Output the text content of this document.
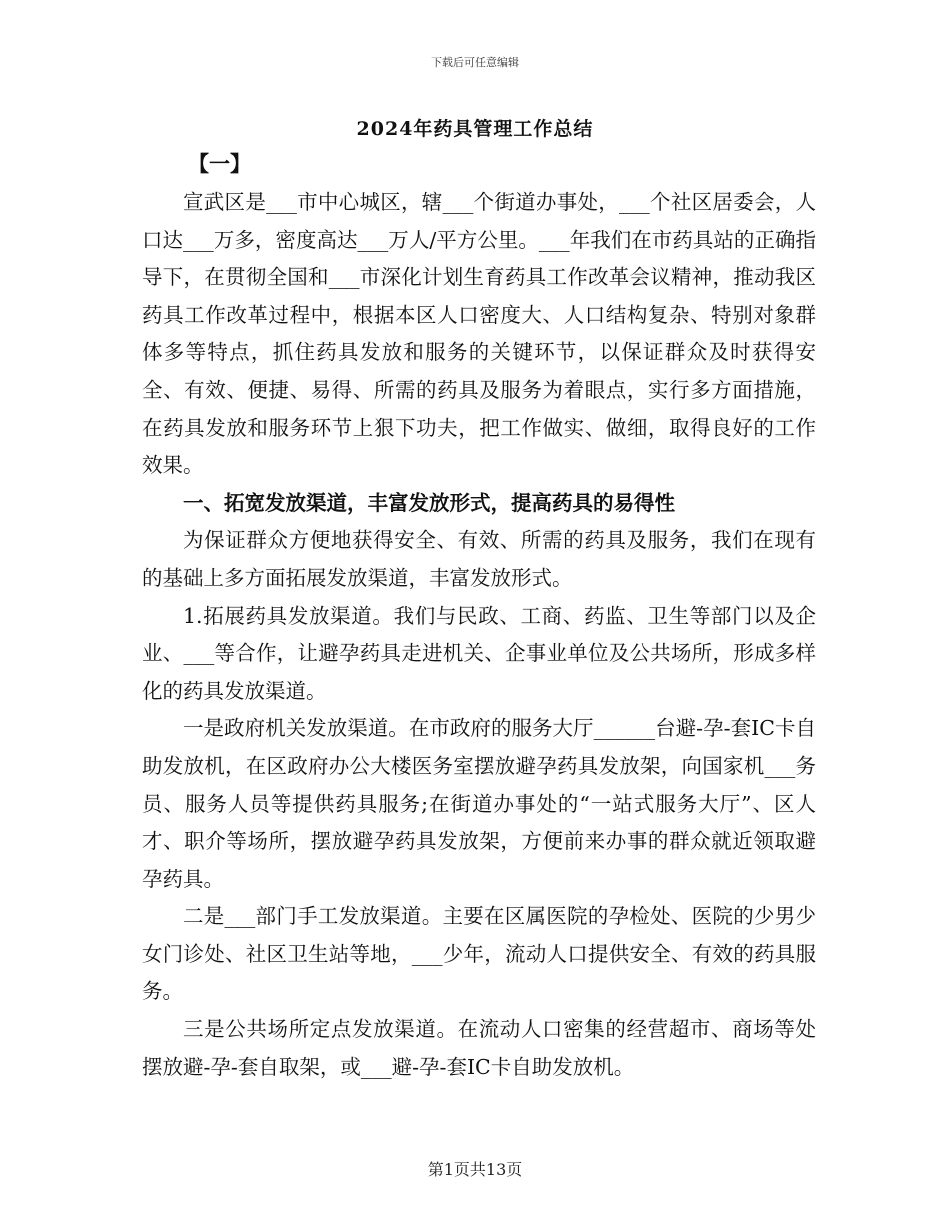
下载后可任意编辑
2024年药具管理工作总结
【一】

宣武区是___市中心城区，辖___个街道办事处，___个社区居委会，人口达___万多，密度高达___万人/平方公里。___年我们在市药具站的正确指导下，在贯彻全国和___市深化计划生育药具工作改革会议精神，推动我区药具工作改革过程中，根据本区人口密度大、人口结构复杂、特别对象群体多等特点，抓住药具发放和服务的关键环节，以保证群众及时获得安全、有效、便捷、易得、所需的药具及服务为着眼点，实行多方面措施，在药具发放和服务环节上狠下功夫，把工作做实、做细，取得良好的工作效果。

一、拓宽发放渠道，丰富发放形式，提高药具的易得性

为保证群众方便地获得安全、有效、所需的药具及服务，我们在现有的基础上多方面拓展发放渠道，丰富发放形式。

1.拓展药具发放渠道。我们与民政、工商、药监、卫生等部门以及企业、___等合作，让避孕药具走进机关、企事业单位及公共场所，形成多样化的药具发放渠道。

一是政府机关发放渠道。在市政府的服务大厅______台避-孕-套IC卡自助发放机，在区政府办公大楼医务室摆放避孕药具发放架，向国家机___务员、服务人员等提供药具服务;在街道办事处的“一站式服务大厅”、区人才、职介等场所，摆放避孕药具发放架，方便前来办事的群众就近领取避孕药具。

二是___部门手工发放渠道。主要在区属医院的孕检处、医院的少男少女门诊处、社区卫生站等地，___少年，流动人口提供安全、有效的药具服务。

三是公共场所定点发放渠道。在流动人口密集的经营超市、商场等处摆放避-孕-套自取架，或___避-孕-套IC卡自助发放机。

第1页共13页
